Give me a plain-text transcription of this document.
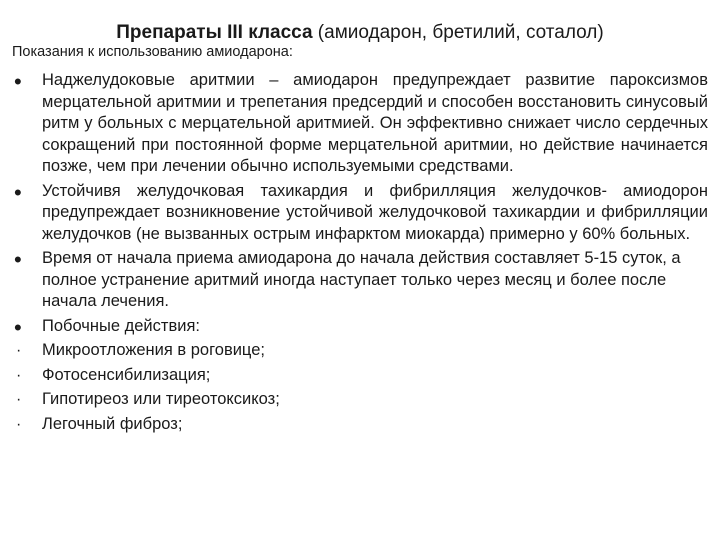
Препараты III класса (амиодарон, бретилий, соталол)
Показания к использованию амиодарона:
•	Наджелудоковые аритмии – амиодарон предупреждает развитие пароксизмов мерцательной аритмии и трепетания предсердий и способен восстановить синусовый ритм у больных с мерцательной аритмией. Он эффективно снижает число сердечных сокращений при постоянной форме мерцательной аритмии, но действие начинается позже, чем при лечении обычно используемыми средствами.
•	Устойчивя желудочковая тахикардия и фибрилляция желудочков- амиодорон предупреждает возникновение устойчивой желудочковой тахикардии и фибрилляции желудочков (не вызванных острым инфарктом миокарда) примерно у 60% больных.
•	Время от начала приема амиодарона до начала действия составляет 5-15 суток, а полное устранение аритмий иногда наступает только через месяц и более после начала лечения.
•	Побочные действия:
·	Микроотложения в роговице;
·	Фотосенсибилизация;
·	Гипотиреоз или тиреотоксикоз;
·	Легочный фиброз;
